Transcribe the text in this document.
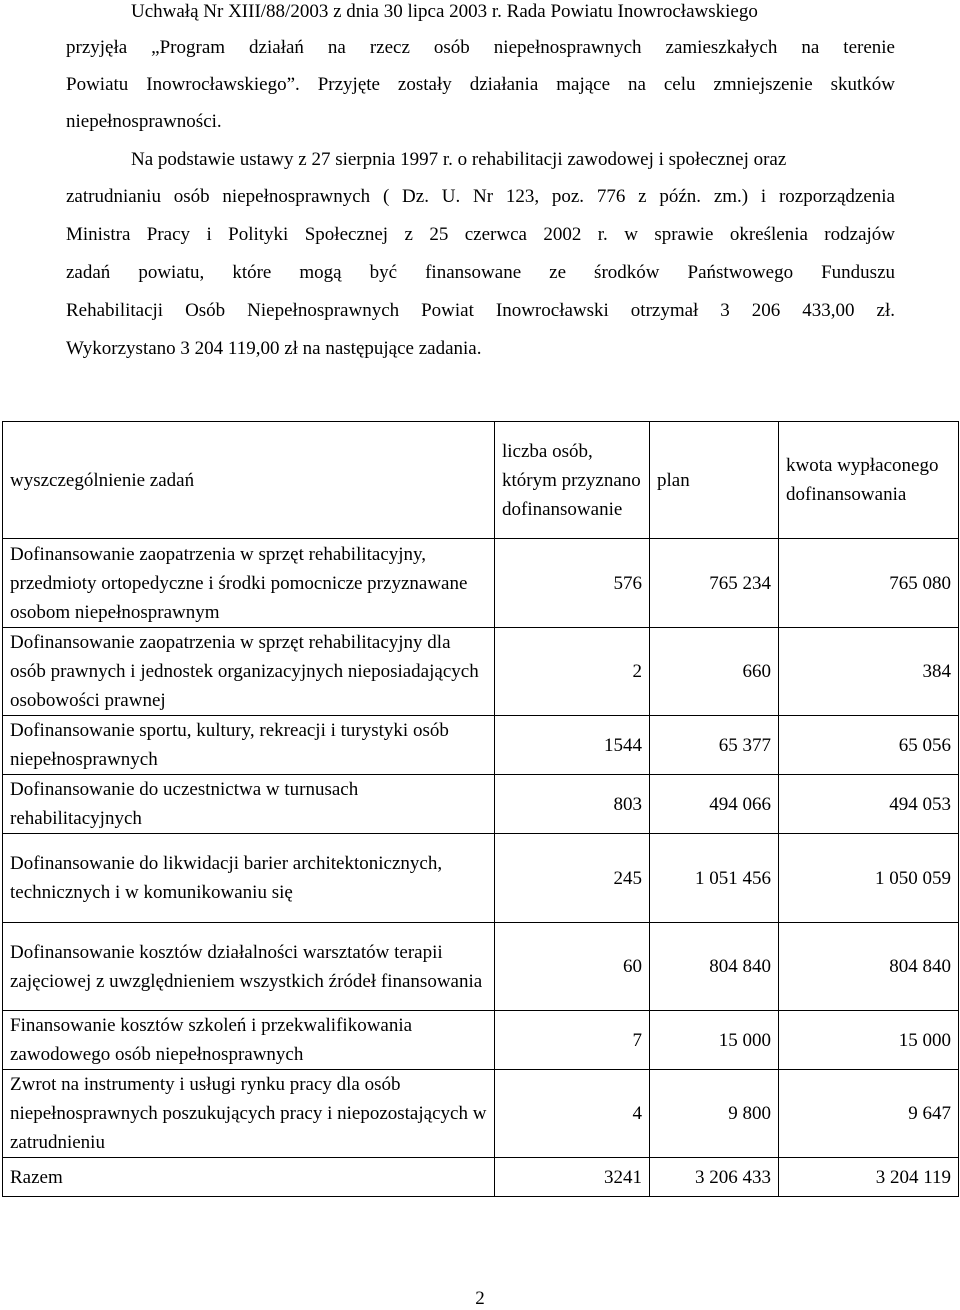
Uchwałą Nr XIII/88/2003 z dnia 30 lipca 2003 r. Rada Powiatu Inowrocławskiego
przyjęła „Program działań na rzecz osób niepełnosprawnych zamieszkałych na terenie
Powiatu Inowrocławskiego”. Przyjęte zostały działania mające na celu zmniejszenie skutków
niepełnosprawności.
Na podstawie ustawy z 27 sierpnia 1997 r. o rehabilitacji zawodowej i społecznej oraz
zatrudnianiu osób niepełnosprawnych ( Dz. U. Nr 123, poz. 776 z późn. zm.) i rozporządzenia
Ministra Pracy i Polityki Społecznej z 25 czerwca 2002 r. w sprawie określenia rodzajów
zadań powiatu, które mogą być finansowane ze środków Państwowego Funduszu
Rehabilitacji Osób Niepełnosprawnych Powiat Inowrocławski otrzymał 3 206 433,00 zł.
Wykorzystano 3 204 119,00 zł na następujące zadania.
wyszczególnienie zadań	liczba osób, którym przyznano dofinansowanie	plan	kwota wypłaconego dofinansowania
Dofinansowanie zaopatrzenia w sprzęt rehabilitacyjny, przedmioty ortopedyczne i środki pomocnicze przyznawane osobom niepełnosprawnym	576	765 234	765 080
Dofinansowanie zaopatrzenia w sprzęt rehabilitacyjny dla osób prawnych i jednostek organizacyjnych nieposiadających osobowości prawnej	2	660	384
Dofinansowanie sportu, kultury, rekreacji i turystyki osób niepełnosprawnych	1544	65 377	65 056
Dofinansowanie do uczestnictwa w turnusach rehabilitacyjnych	803	494 066	494 053
Dofinansowanie do likwidacji barier architektonicznych, technicznych i w komunikowaniu się	245	1 051 456	1 050 059
Dofinansowanie kosztów działalności warsztatów terapii zajęciowej z uwzględnieniem wszystkich źródeł finansowania	60	804 840	804 840
Finansowanie kosztów szkoleń i przekwalifikowania zawodowego osób niepełnosprawnych	7	15 000	15 000
Zwrot na instrumenty i usługi rynku pracy dla osób niepełnosprawnych poszukujących pracy i niepozostających w zatrudnieniu	4	9 800	9 647
Razem	3241	3 206 433	3 204 119
2
